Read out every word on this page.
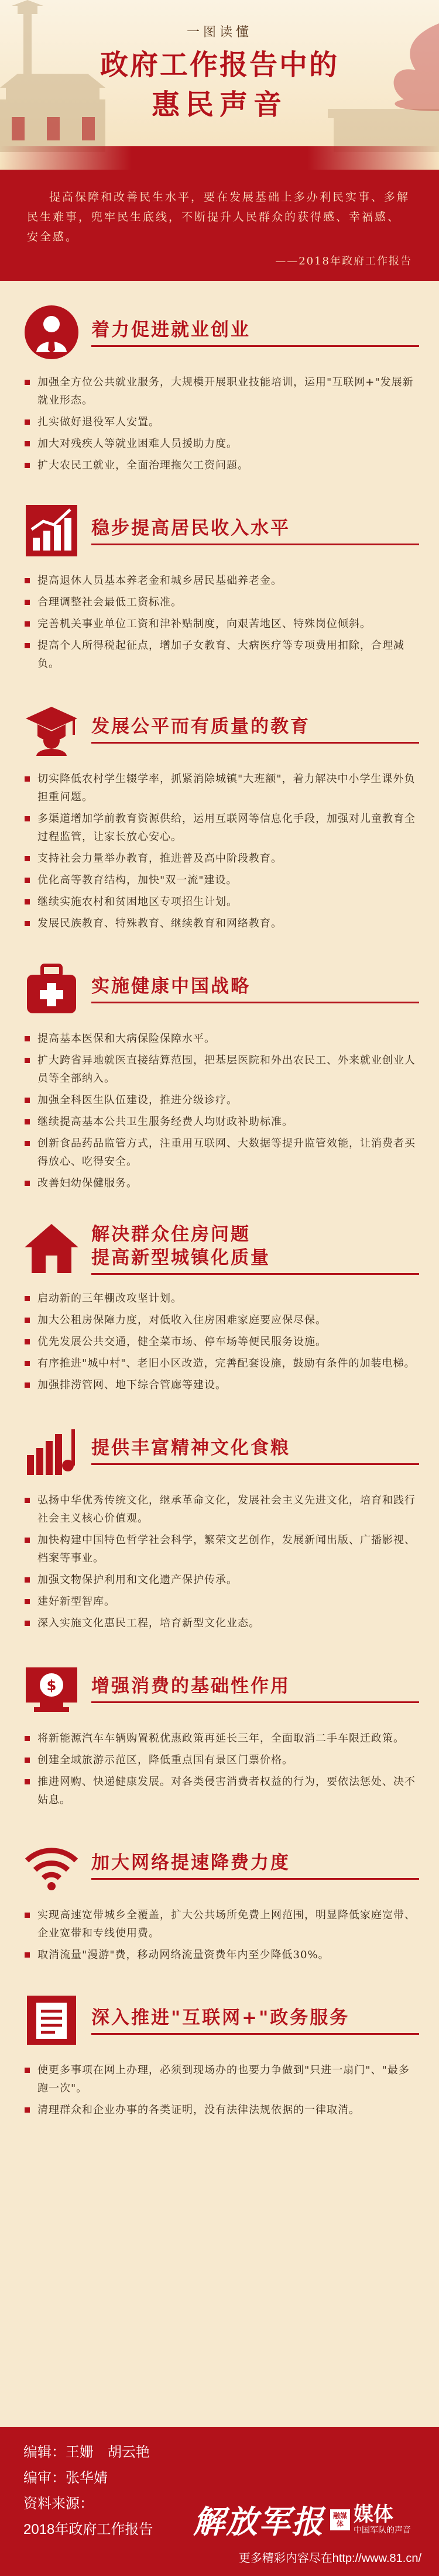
一图读懂
政府工作报告中的
惠民声音

提高保障和改善民生水平，要在发展基础上多办利民实事、多解民生难事，兜牢民生底线，不断提升人民群众的获得感、幸福感、安全感。

——2018年政府工作报告
着力促进就业创业
加强全方位公共就业服务，大规模开展职业技能培训，运用"互联网+"发展新就业形态。
扎实做好退役军人安置。
加大对残疾人等就业困难人员援助力度。
扩大农民工就业，全面治理拖欠工资问题。
稳步提高居民收入水平
提高退休人员基本养老金和城乡居民基础养老金。
合理调整社会最低工资标准。
完善机关事业单位工资和津补贴制度，向艰苦地区、特殊岗位倾斜。
提高个人所得税起征点，增加子女教育、大病医疗等专项费用扣除，合理减负。
发展公平而有质量的教育
切实降低农村学生辍学率，抓紧消除城镇"大班额"，着力解决中小学生课外负担重问题。
多渠道增加学前教育资源供给，运用互联网等信息化手段，加强对儿童教育全过程监管，让家长放心安心。
支持社会力量举办教育，推进普及高中阶段教育。
优化高等教育结构，加快"双一流"建设。
继续实施农村和贫困地区专项招生计划。
发展民族教育、特殊教育、继续教育和网络教育。
实施健康中国战略
提高基本医保和大病保险保障水平。
扩大跨省异地就医直接结算范围，把基层医院和外出农民工、外来就业创业人员等全部纳入。
加强全科医生队伍建设，推进分级诊疗。
继续提高基本公共卫生服务经费人均财政补助标准。
创新食品药品监管方式，注重用互联网、大数据等提升监管效能，让消费者买得放心、吃得安全。
改善妇幼保健服务。
解决群众住房问题
提高新型城镇化质量
启动新的三年棚改攻坚计划。
加大公租房保障力度，对低收入住房困难家庭要应保尽保。
优先发展公共交通，健全菜市场、停车场等便民服务设施。
有序推进"城中村"、老旧小区改造，完善配套设施，鼓励有条件的加装电梯。
加强排涝管网、地下综合管廊等建设。
提供丰富精神文化食粮
弘扬中华优秀传统文化，继承革命文化，发展社会主义先进文化，培育和践行社会主义核心价值观。
加快构建中国特色哲学社会科学，繁荣文艺创作，发展新闻出版、广播影视、档案等事业。
加强文物保护利用和文化遗产保护传承。
建好新型智库。
深入实施文化惠民工程，培育新型文化业态。
$ 增强消费的基础性作用
将新能源汽车车辆购置税优惠政策再延长三年，全面取消二手车限迁政策。
创建全域旅游示范区，降低重点国有景区门票价格。
推进网购、快递健康发展。对各类侵害消费者权益的行为，要依法惩处、决不姑息。
加大网络提速降费力度
实现高速宽带城乡全覆盖，扩大公共场所免费上网范围，明显降低家庭宽带、企业宽带和专线使用费。
取消流量"漫游"费，移动网络流量资费年内至少降低30%。
深入推进"互联网+"政务服务
使更多事项在网上办理，必须到现场办的也要力争做到"只进一扇门"、"最多跑一次"。
清理群众和企业办事的各类证明，没有法律法规依据的一律取消。
编辑：王姗　胡云艳
编审：张华婧
资料来源：
2018年政府工作报告 解放军报	融媒体 媒体
中国军队的声音
更多精彩内容尽在http://www.81.cn/
